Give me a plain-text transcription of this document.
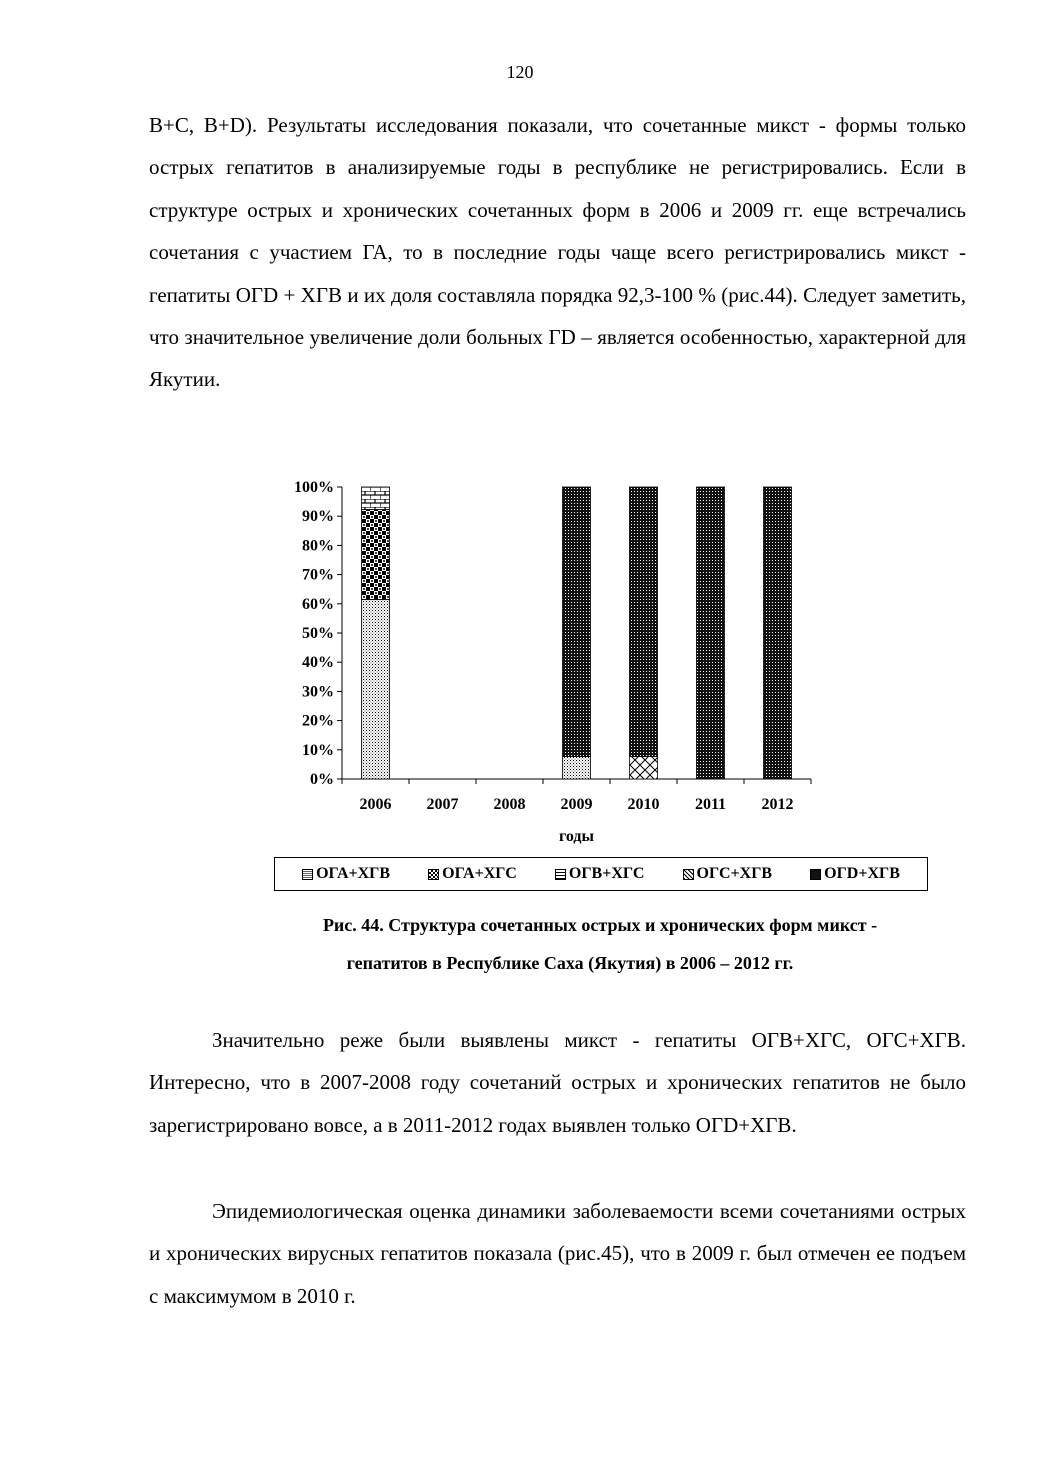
120

B+C, B+D). Результаты исследования показали, что сочетанные микст - формы только острых гепатитов в анализируемые годы в республике не регистрировались. Если в структуре острых и хронических сочетанных форм в 2006 и 2009 гг. еще встречались сочетания с участием ГА, то в последние годы чаще всего регистрировались микст - гепатиты ОГD + ХГВ и их доля составляла порядка 92,3-100 % (рис.44). Следует заметить, что значительное увеличение доли больных ГD – является особенностью, характерной для Якутии.

0%
10%
20%
30%
40%
50%
60%
70%
80%
90%
100%
2006 2007 2008 2009 2010 2011 2012
годы
ОГА+ХГВ	ОГА+ХГС	ОГВ+ХГС	ОГС+ХГВ	ОГD+ХГВ

Рис. 44. Структура сочетанных острых и хронических форм микст -

гепатитов в Республике Саха (Якутия) в 2006 – 2012 гг.

Значительно реже были выявлены микст - гепатиты ОГВ+ХГС, ОГС+ХГВ. Интересно, что в 2007-2008 году сочетаний острых и хронических гепатитов не было зарегистрировано вовсе, а в 2011-2012 годах выявлен только ОГD+ХГВ.

Эпидемиологическая оценка динамики заболеваемости всеми сочетаниями острых и хронических вирусных гепатитов показала (рис.45), что в 2009 г. был отмечен ее подъем с максимумом в 2010 г.
